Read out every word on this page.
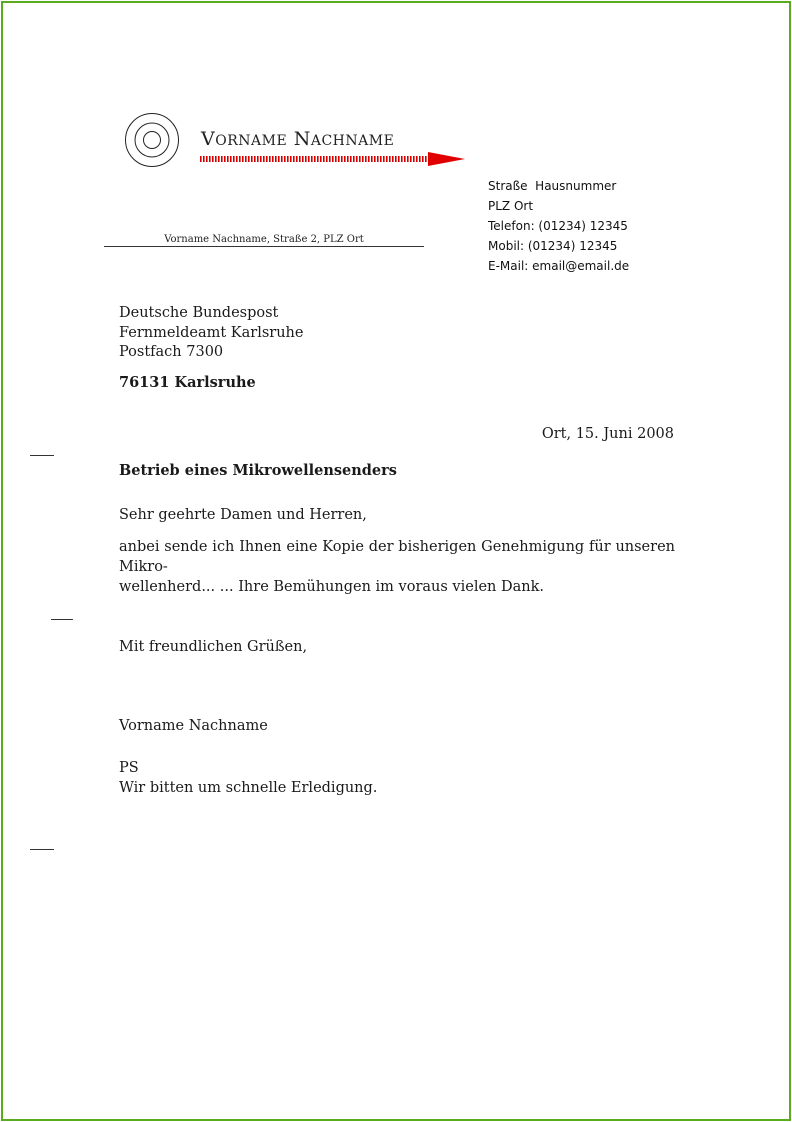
VORNAME NACHNAME
Vorname Nachname, Straße 2, PLZ Ort
Straße  Hausnummer
PLZ Ort
Telefon: (01234) 12345
Mobil: (01234) 12345
E-Mail: email@email.de
Deutsche Bundespost
Fernmeldeamt Karlsruhe
Postfach 7300
76131 Karlsruhe
Ort, 15. Juni 2008
Betrieb eines Mikrowellensenders
Sehr geehrte Damen und Herren,
anbei sende ich Ihnen eine Kopie der bisherigen Genehmigung für unseren Mikro-
wellenherd... ... Ihre Bemühungen im voraus vielen Dank.
Mit freundlichen Grüßen,
Vorname Nachname
PS
Wir bitten um schnelle Erledigung.
